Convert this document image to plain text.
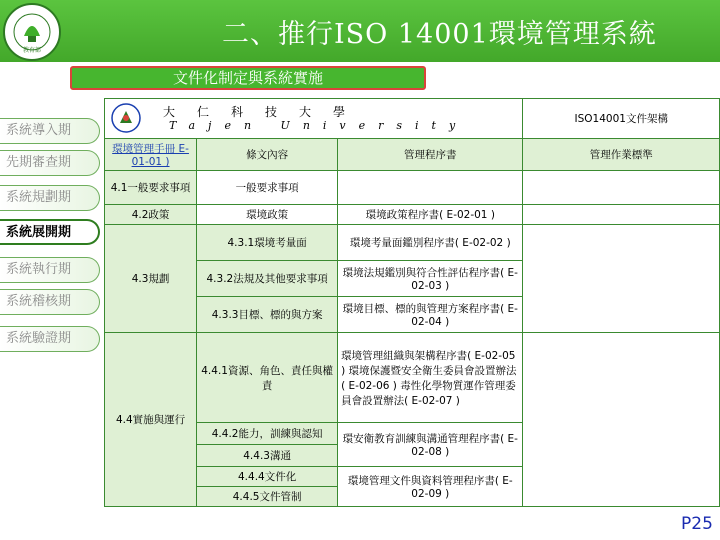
教育部
二、推行ISO 14001環境管理系統
文件化制定與系統實施
系統導入期
先期審查期
系統規劃期
系統展開期
系統執行期
系統稽核期
系統驗證期
大仁科技大學
Tajen University			ISO14001文件架構
環境管理手冊 E-01-01 )	條文內容	管理程序書	管理作業標準
4.1一般要求事項	一般要求事項		
4.2政策	環境政策	環境政策程序書( E-02-01 )	
4.3規劃	4.3.1環境考量面	環境考量面鑑別程序書( E-02-02 )	
	4.3.2法規及其他要求事項	環境法規鑑別與符合性評估程序書( E-02-03 )	
	4.3.3目標、標的與方案	環境目標、標的與管理方案程序書( E-02-04 )	
4.4實施與運行	4.4.1資源、角色、責任與權責	環境管理組織與架構程序書( E-02-05 ) 環境保護暨安全衛生委員會設置辦法( E-02-06 ) 毒性化學物質運作管理委員會設置辦法( E-02-07 )	
	4.4.2能力，訓練與認知	環安衛教育訓練與溝通管理程序書( E-02-08 )	
	4.4.3溝通		
	4.4.4文件化	環境管理文件與資料管理程序書( E-02-09 )	
	4.4.5文件管制		
P25
